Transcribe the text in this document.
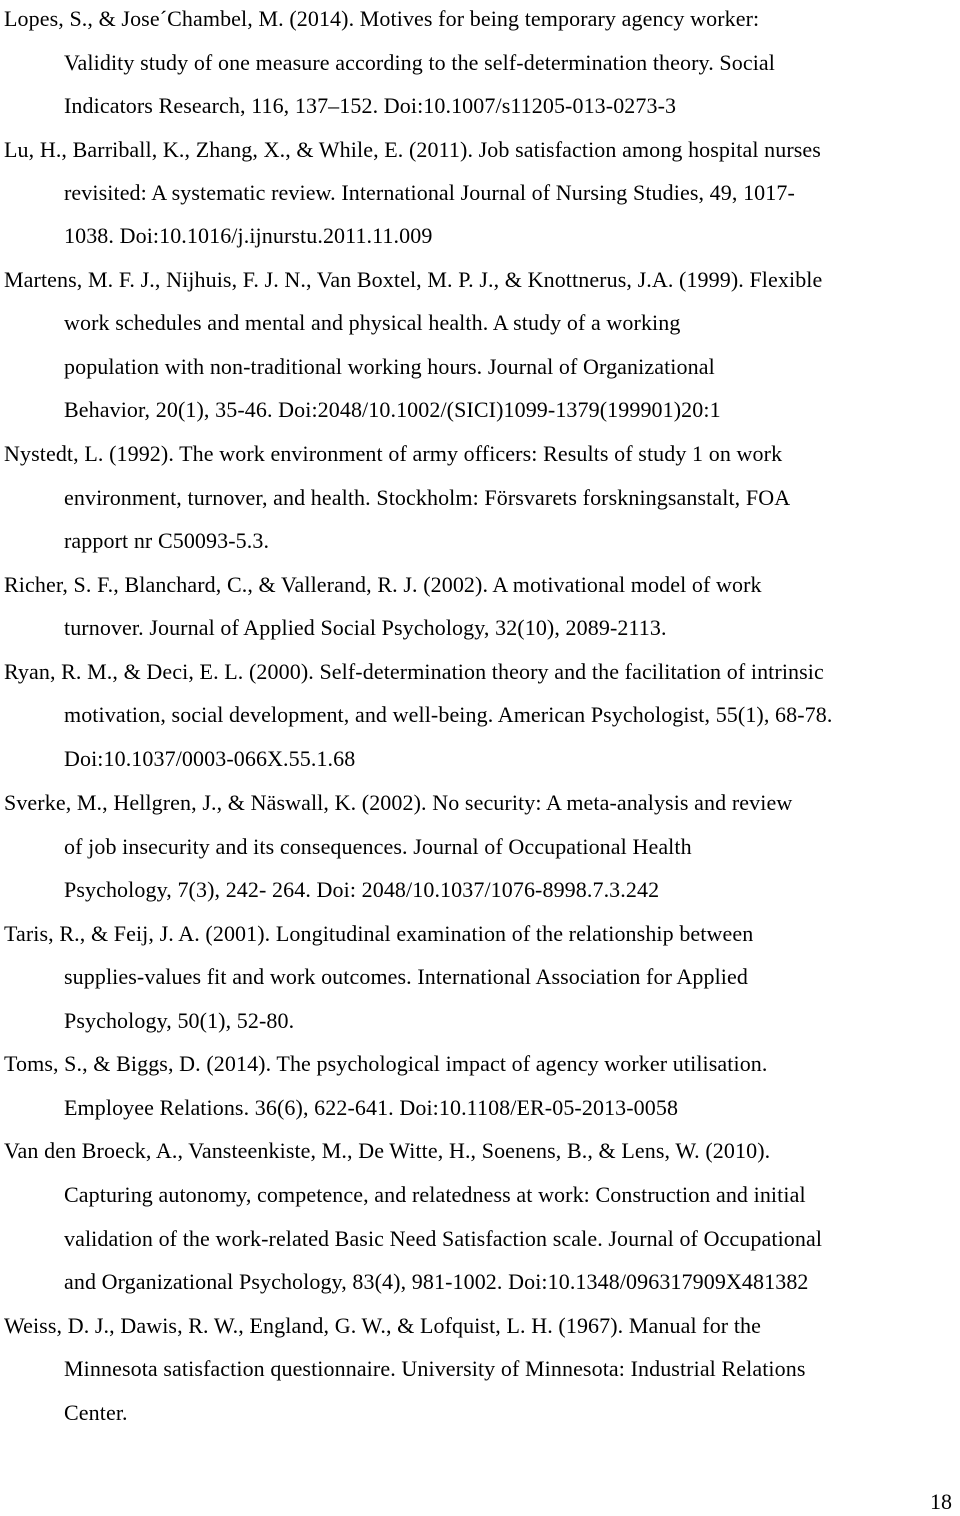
Lopes, S., & Jose´Chambel, M. (2014). Motives for being temporary agency worker:
Validity study of one measure according to the self-determination theory. Social
Indicators Research, 116, 137–152. Doi:10.1007/s11205-013-0273-3
Lu, H., Barriball, K., Zhang, X., & While, E. (2011). Job satisfaction among hospital nurses
revisited: A systematic review. International Journal of Nursing Studies, 49, 1017-
1038. Doi:10.1016/j.ijnurstu.2011.11.009
Martens, M. F. J., Nijhuis, F. J. N., Van Boxtel, M. P. J., & Knottnerus, J.A. (1999). Flexible
work schedules and mental and physical health. A study of a working
population with non-traditional working hours. Journal of Organizational
Behavior, 20(1), 35-46. Doi:2048/10.1002/(SICI)1099-1379(199901)20:1
Nystedt, L. (1992). The work environment of army officers: Results of study 1 on work
environment, turnover, and health. Stockholm: Försvarets forskningsanstalt, FOA
rapport nr C50093-5.3.
Richer, S. F., Blanchard, C., & Vallerand, R. J. (2002). A motivational model of work
turnover. Journal of Applied Social Psychology, 32(10), 2089-2113.
Ryan, R. M., & Deci, E. L. (2000). Self-determination theory and the facilitation of intrinsic
motivation, social development, and well-being. American Psychologist, 55(1), 68-78.
Doi:10.1037/0003-066X.55.1.68
Sverke, M., Hellgren, J., & Näswall, K. (2002). No security: A meta-analysis and review
of job insecurity and its consequences. Journal of Occupational Health
Psychology, 7(3), 242- 264. Doi: 2048/10.1037/1076-8998.7.3.242
Taris, R., & Feij, J. A. (2001). Longitudinal examination of the relationship between
supplies-values fit and work outcomes. International Association for Applied
Psychology, 50(1), 52-80.
Toms, S., & Biggs, D. (2014). The psychological impact of agency worker utilisation.
Employee Relations. 36(6), 622-641. Doi:10.1108/ER-05-2013-0058
Van den Broeck, A., Vansteenkiste, M., De Witte, H., Soenens, B., & Lens, W. (2010).
Capturing autonomy, competence, and relatedness at work: Construction and initial
validation of the work-related Basic Need Satisfaction scale. Journal of Occupational
and Organizational Psychology, 83(4), 981-1002. Doi:10.1348/096317909X481382
Weiss, D. J., Dawis, R. W., England, G. W., & Lofquist, L. H. (1967). Manual for the
Minnesota satisfaction questionnaire. University of Minnesota: Industrial Relations
Center.
18
